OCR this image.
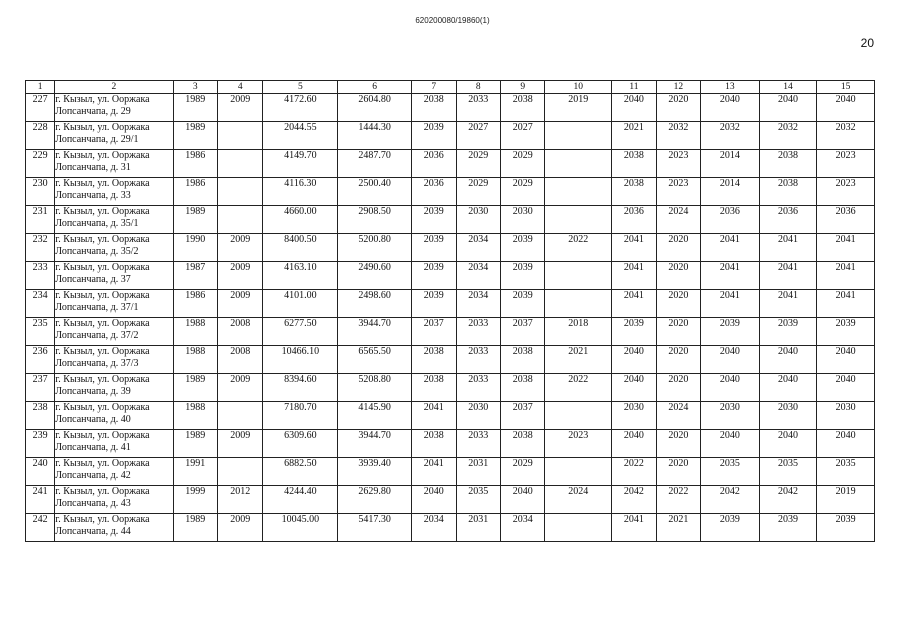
620200080/19860(1)
20
1	2	3	4	5	6	7	8	9	10	11	12	13	14	15
227	г. Кызыл, ул. Ооржака
Лопсанчапа, д. 29	1989	2009	4172.60	2604.80	2038	2033	2038	2019	2040	2020	2040	2040	2040
228	г. Кызыл, ул. Ооржака
Лопсанчапа, д. 29/1	1989		2044.55	1444.30	2039	2027	2027		2021	2032	2032	2032	2032
229	г. Кызыл, ул. Ооржака
Лопсанчапа, д. 31	1986		4149.70	2487.70	2036	2029	2029		2038	2023	2014	2038	2023
230	г. Кызыл, ул. Ооржака
Лопсанчапа, д. 33	1986		4116.30	2500.40	2036	2029	2029		2038	2023	2014	2038	2023
231	г. Кызыл, ул. Ооржака
Лопсанчапа, д. 35/1	1989		4660.00	2908.50	2039	2030	2030		2036	2024	2036	2036	2036
232	г. Кызыл, ул. Ооржака
Лопсанчапа, д. 35/2	1990	2009	8400.50	5200.80	2039	2034	2039	2022	2041	2020	2041	2041	2041
233	г. Кызыл, ул. Ооржака
Лопсанчапа, д. 37	1987	2009	4163.10	2490.60	2039	2034	2039		2041	2020	2041	2041	2041
234	г. Кызыл, ул. Ооржака
Лопсанчапа, д. 37/1	1986	2009	4101.00	2498.60	2039	2034	2039		2041	2020	2041	2041	2041
235	г. Кызыл, ул. Ооржака
Лопсанчапа, д. 37/2	1988	2008	6277.50	3944.70	2037	2033	2037	2018	2039	2020	2039	2039	2039
236	г. Кызыл, ул. Ооржака
Лопсанчапа, д. 37/3	1988	2008	10466.10	6565.50	2038	2033	2038	2021	2040	2020	2040	2040	2040
237	г. Кызыл, ул. Ооржака
Лопсанчапа, д. 39	1989	2009	8394.60	5208.80	2038	2033	2038	2022	2040	2020	2040	2040	2040
238	г. Кызыл, ул. Ооржака
Лопсанчапа, д. 40	1988		7180.70	4145.90	2041	2030	2037		2030	2024	2030	2030	2030
239	г. Кызыл, ул. Ооржака
Лопсанчапа, д. 41	1989	2009	6309.60	3944.70	2038	2033	2038	2023	2040	2020	2040	2040	2040
240	г. Кызыл, ул. Ооржака
Лопсанчапа, д. 42	1991		6882.50	3939.40	2041	2031	2029		2022	2020	2035	2035	2035
241	г. Кызыл, ул. Ооржака
Лопсанчапа, д. 43	1999	2012	4244.40	2629.80	2040	2035	2040	2024	2042	2022	2042	2042	2019
242	г. Кызыл, ул. Ооржака
Лопсанчапа, д. 44	1989	2009	10045.00	5417.30	2034	2031	2034		2041	2021	2039	2039	2039
